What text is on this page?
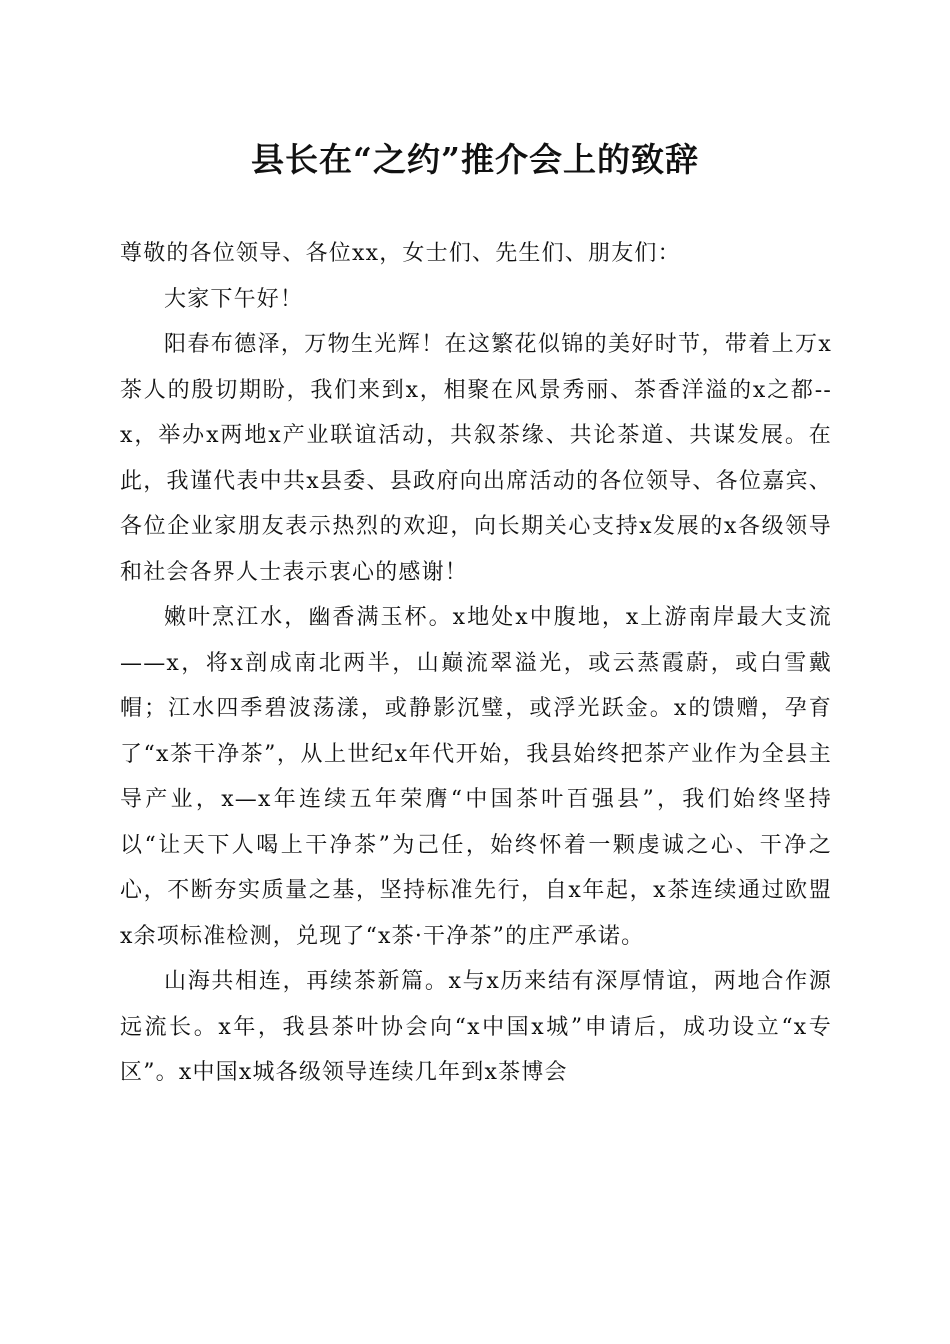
县长在“之约”推介会上的致辞

尊敬的各位领导、各位xx，女士们、先生们、朋友们：

大家下午好！

阳春布德泽，万物生光辉！在这繁花似锦的美好时节，带着上万x茶人的殷切期盼，我们来到x，相聚在风景秀丽、茶香洋溢的x之都--x，举办x两地x产业联谊活动，共叙茶缘、共论茶道、共谋发展。在此，我谨代表中共x县委、县政府向出席活动的各位领导、各位嘉宾、各位企业家朋友表示热烈的欢迎，向长期关心支持x发展的x各级领导和社会各界人士表示衷心的感谢！

嫩叶烹江水，幽香满玉杯。x地处x中腹地，x上游南岸最大支流——x，将x剖成南北两半，山巅流翠溢光，或云蒸霞蔚，或白雪戴帽；江水四季碧波荡漾，或静影沉璧，或浮光跃金。x的馈赠，孕育了“x茶干净茶”，从上世纪x年代开始，我县始终把茶产业作为全县主导产业，x—x年连续五年荣膺“中国茶叶百强县”，我们始终坚持以“让天下人喝上干净茶”为己任，始终怀着一颗虔诚之心、干净之心，不断夯实质量之基，坚持标准先行，自x年起，x茶连续通过欧盟x余项标准检测，兑现了“x茶·干净茶”的庄严承诺。

山海共相连，再续茶新篇。x与x历来结有深厚情谊，两地合作源远流长。x年，我县茶叶协会向“x中国x城”申请后，成功设立“x专区”。x中国x城各级领导连续几年到x茶博会
